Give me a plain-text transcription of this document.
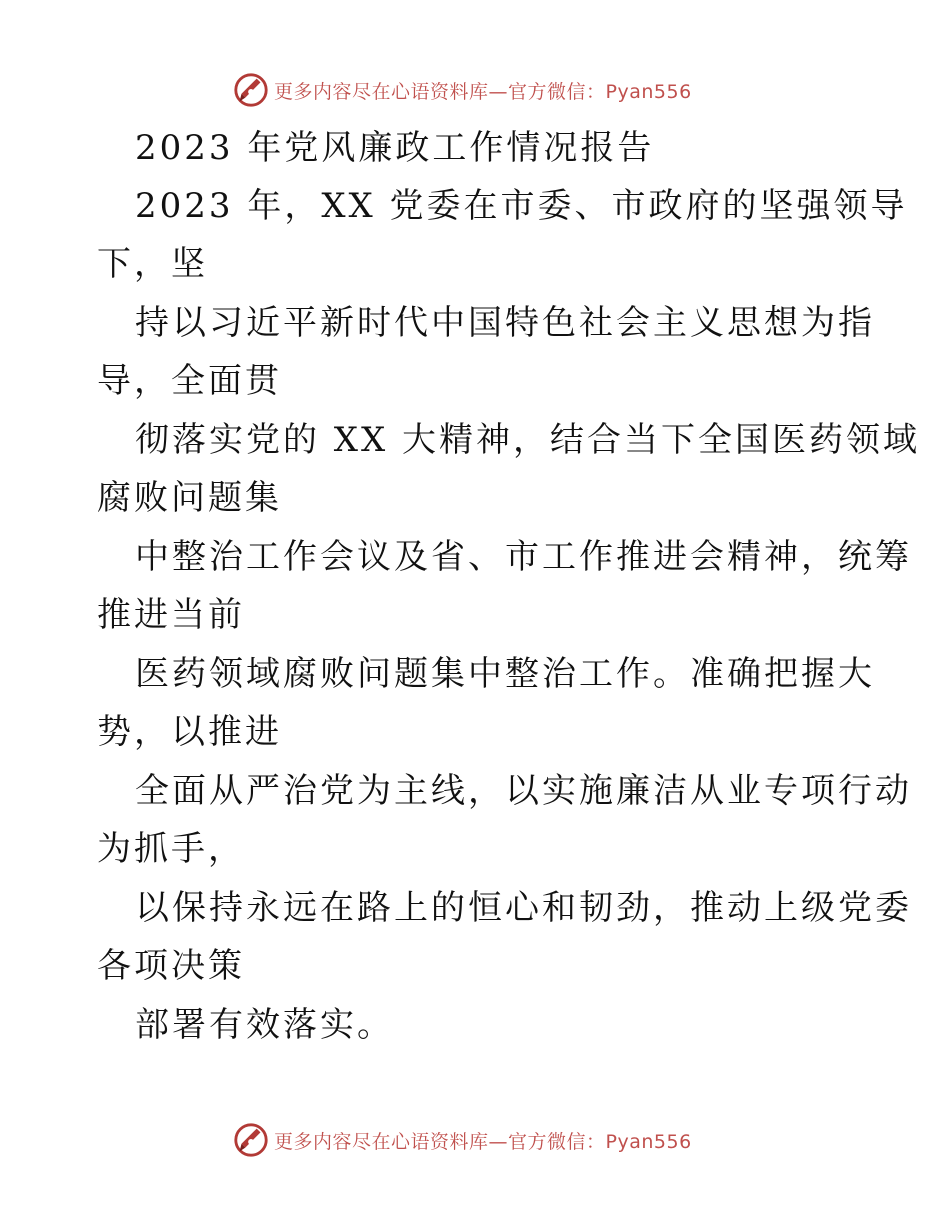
更多内容尽在心语资料库—官方微信：Pyan556
2023 年党风廉政工作情况报告
2023 年，XX 党委在市委、市政府的坚强领导
下，坚
持以习近平新时代中国特色社会主义思想为指
导，全面贯
彻落实党的 XX 大精神，结合当下全国医药领域
腐败问题集
中整治工作会议及省、市工作推进会精神，统筹
推进当前
医药领域腐败问题集中整治工作。准确把握大
势，以推进
全面从严治党为主线，以实施廉洁从业专项行动
为抓手，
以保持永远在路上的恒心和韧劲，推动上级党委
各项决策
部署有效落实。
更多内容尽在心语资料库—官方微信：Pyan556
